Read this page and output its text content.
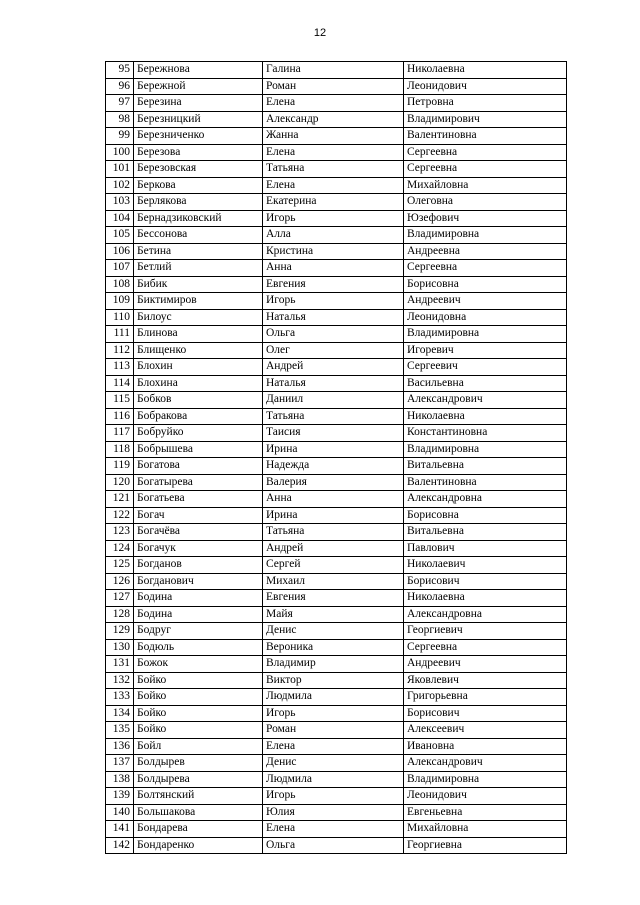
12
95	Бережнова	Галина	Николаевна
96	Бережной	Роман	Леонидович
97	Березина	Елена	Петровна
98	Березницкий	Александр	Владимирович
99	Березниченко	Жанна	Валентиновна
100	Березова	Елена	Сергеевна
101	Березовская	Татьяна	Сергеевна
102	Беркова	Елена	Михайловна
103	Берлякова	Екатерина	Олеговна
104	Бернадзиковский	Игорь	Юзефович
105	Бессонова	Алла	Владимировна
106	Бетина	Кристина	Андреевна
107	Бетлий	Анна	Сергеевна
108	Бибик	Евгения	Борисовна
109	Биктимиров	Игорь	Андреевич
110	Билоус	Наталья	Леонидовна
111	Блинова	Ольга	Владимировна
112	Блищенко	Олег	Игоревич
113	Блохин	Андрей	Сергеевич
114	Блохина	Наталья	Васильевна
115	Бобков	Даниил	Александрович
116	Бобракова	Татьяна	Николаевна
117	Бобруйко	Таисия	Константиновна
118	Бобрышева	Ирина	Владимировна
119	Богатова	Надежда	Витальевна
120	Богатырева	Валерия	Валентиновна
121	Богатьева	Анна	Александровна
122	Богач	Ирина	Борисовна
123	Богачёва	Татьяна	Витальевна
124	Богачук	Андрей	Павлович
125	Богданов	Сергей	Николаевич
126	Богданович	Михаил	Борисович
127	Бодина	Евгения	Николаевна
128	Бодина	Майя	Александровна
129	Бодруг	Денис	Георгиевич
130	Бодюль	Вероника	Сергеевна
131	Божок	Владимир	Андреевич
132	Бойко	Виктор	Яковлевич
133	Бойко	Людмила	Григорьевна
134	Бойко	Игорь	Борисович
135	Бойко	Роман	Алексеевич
136	Бойл	Елена	Ивановна
137	Болдырев	Денис	Александрович
138	Болдырева	Людмила	Владимировна
139	Болтянский	Игорь	Леонидович
140	Большакова	Юлия	Евгеньевна
141	Бондарева	Елена	Михайловна
142	Бондаренко	Ольга	Георгиевна
